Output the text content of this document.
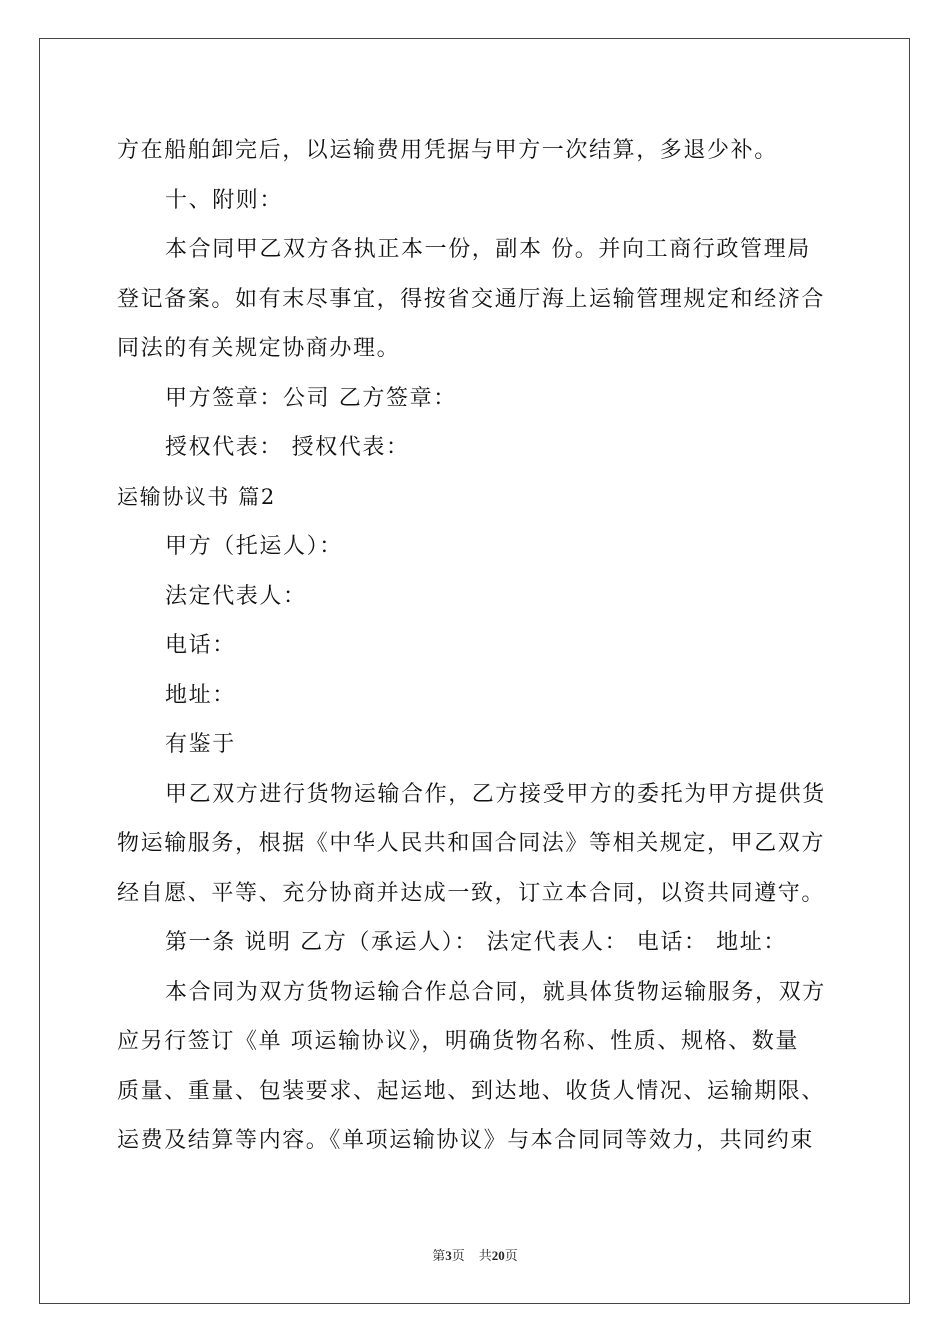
方在船舶卸完后，以运输费用凭据与甲方一次结算，多退少补。
十、附则：
本合同甲乙双方各执正本一份，副本 份。并向工商行政管理局
登记备案。如有末尽事宜，得按省交通厅海上运输管理规定和经济合
同法的有关规定协商办理。
甲方签章：公司 乙方签章：
授权代表： 授权代表：
运输协议书 篇2
甲方（托运人）：
法定代表人：
电话：
地址：
有鉴于
甲乙双方进行货物运输合作，乙方接受甲方的委托为甲方提供货
物运输服务，根据《中华人民共和国合同法》等相关规定，甲乙双方
经自愿、平等、充分协商并达成一致，订立本合同，以资共同遵守。
第一条 说明 乙方（承运人）： 法定代表人： 电话： 地址：
本合同为双方货物运输合作总合同，就具体货物运输服务，双方
应另行签订《单 项运输协议》，明确货物名称、性质、规格、数量
质量、重量、包装要求、起运地、到达地、收货人情况、运输期限、
运费及结算等内容。《单项运输协议》与本合同同等效力，共同约束
第3页 共20页
